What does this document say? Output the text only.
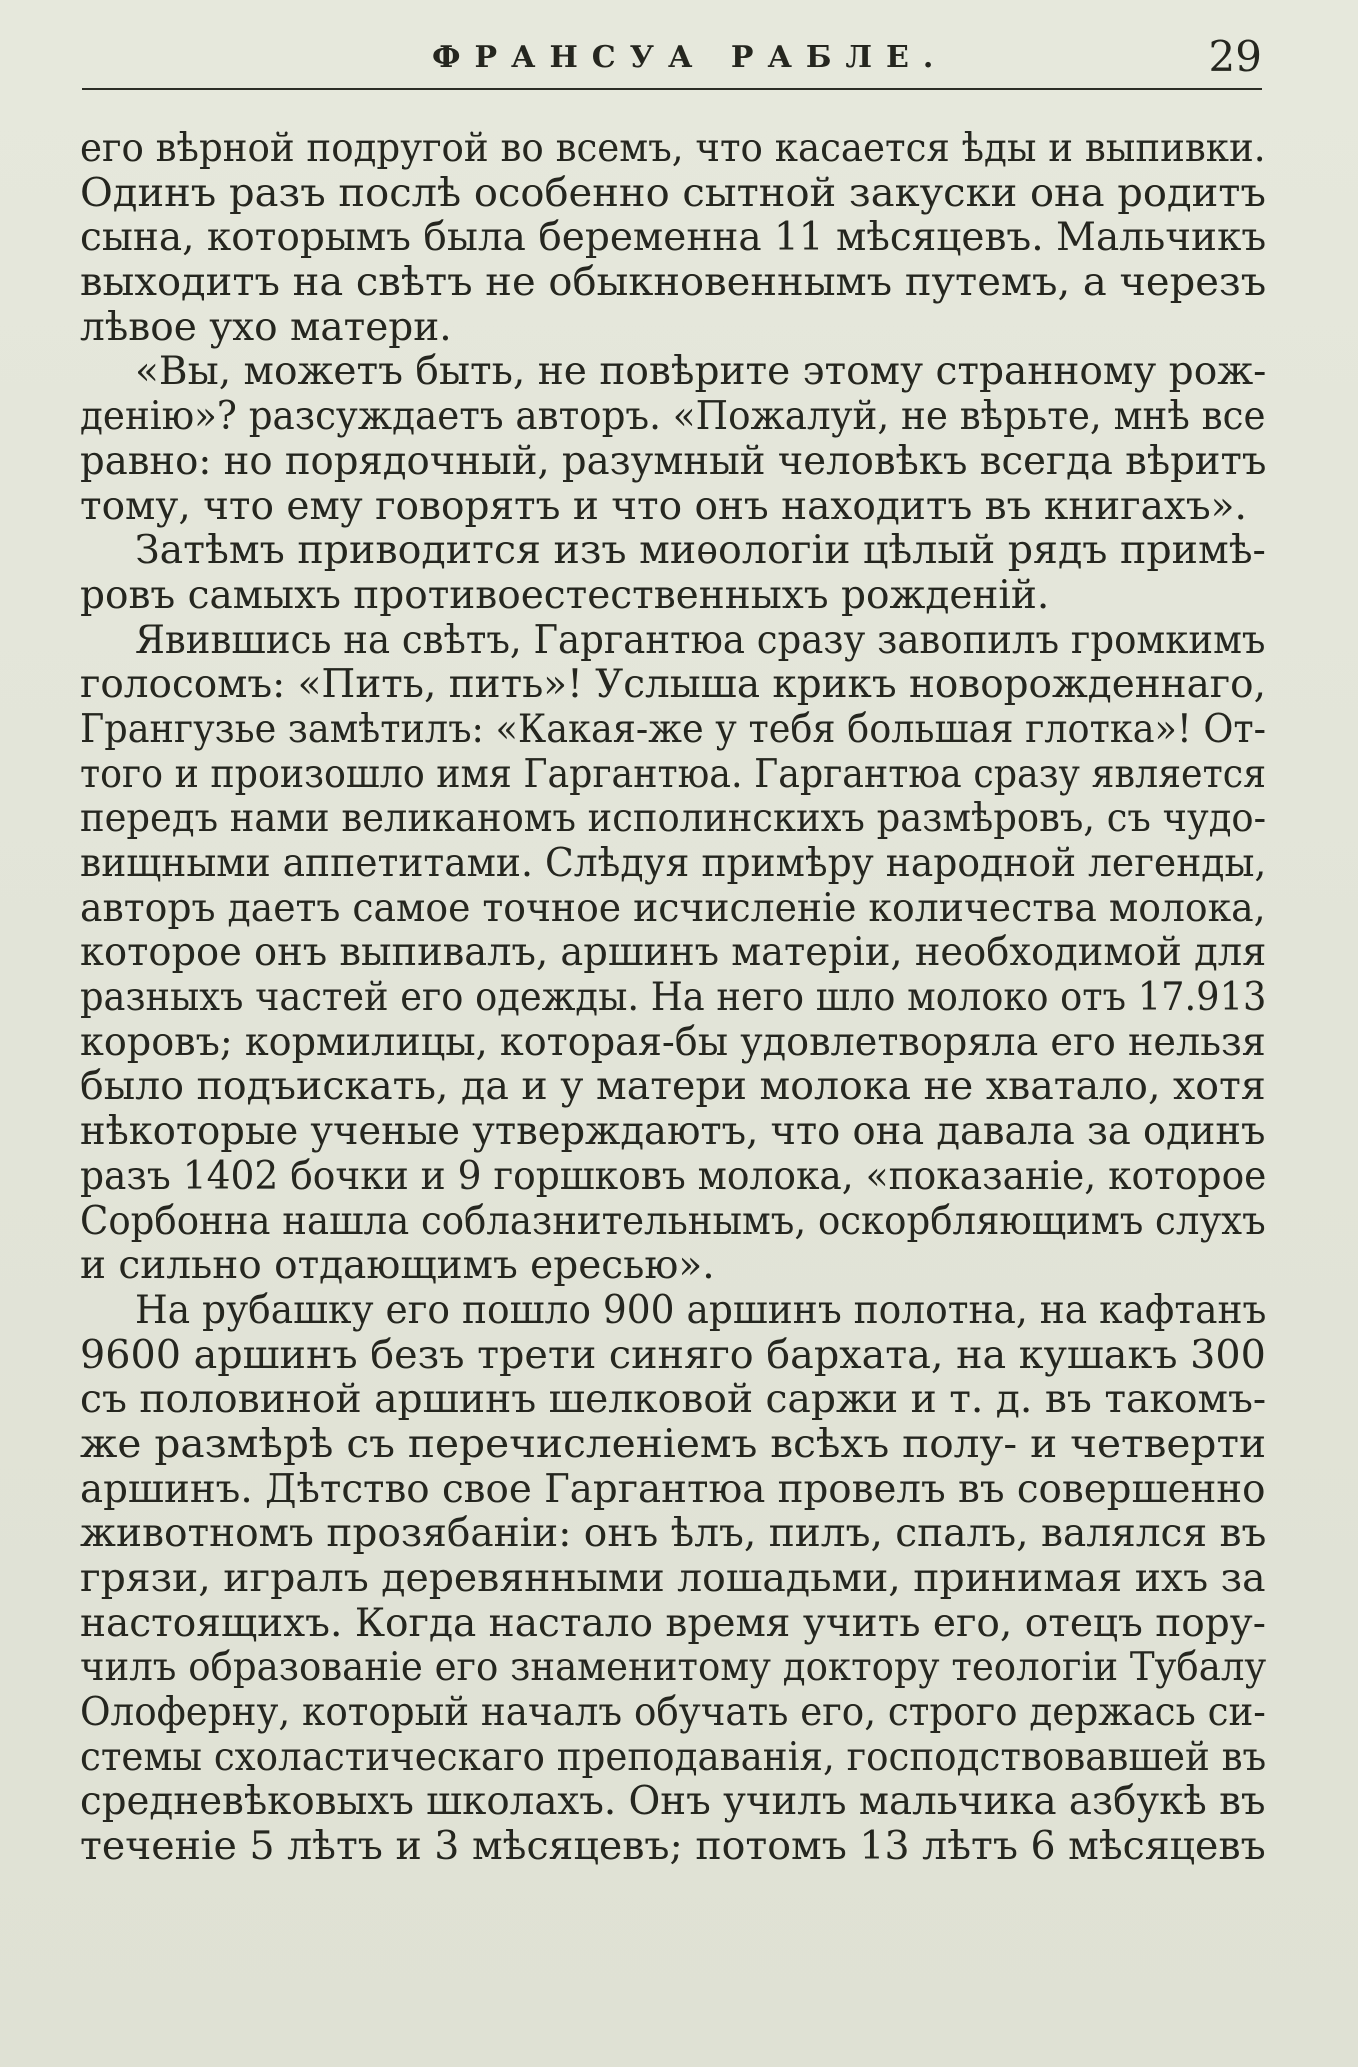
ФРАНСУА РАБЛЕ.	29
его вѣрной подругой во всемъ, что касается ѣды и выпивки.
Одинъ разъ послѣ особенно сытной закуски она родитъ
сына, которымъ была беременна 11 мѣсяцевъ. Мальчикъ
выходитъ на свѣтъ не обыкновеннымъ путемъ, а черезъ
лѣвое ухо матери.
«Вы, можетъ быть, не повѣрите этому странному рож-
денію»? разсуждаетъ авторъ. «Пожалуй, не вѣрьте, мнѣ все
равно: но порядочный, разумный человѣкъ всегда вѣритъ
тому, что ему говорятъ и что онъ находитъ въ книгахъ».
Затѣмъ приводится изъ миѳологіи цѣлый рядъ примѣ-
ровъ самыхъ противоестественныхъ рожденій.
Явившись на свѣтъ, Гаргантюа сразу завопилъ громкимъ
голосомъ: «Пить, пить»! Услыша крикъ новорожденнаго,
Грангузье замѣтилъ: «Какая-же у тебя большая глотка»! От-
того и произошло имя Гаргантюа. Гаргантюа сразу является
передъ нами великаномъ исполинскихъ размѣровъ, съ чудо-
вищными аппетитами. Слѣдуя примѣру народной легенды,
авторъ даетъ самое точное исчисленіе количества молока,
которое онъ выпивалъ, аршинъ матеріи, необходимой для
разныхъ частей его одежды. На него шло молоко отъ 17.913
коровъ; кормилицы, которая-бы удовлетворяла его нельзя
было подъискать, да и у матери молока не хватало, хотя
нѣкоторые ученые утверждаютъ, что она давала за одинъ
разъ 1402 бочки и 9 горшковъ молока, «показаніе, которое
Сорбонна нашла соблазнительнымъ, оскорбляющимъ слухъ
и сильно отдающимъ ересью».
На рубашку его пошло 900 аршинъ полотна, на кафтанъ
9600 аршинъ безъ трети синяго бархата, на кушакъ 300
съ половиной аршинъ шелковой саржи и т. д. въ такомъ-
же размѣрѣ съ перечисленіемъ всѣхъ полу- и четверти
аршинъ. Дѣтство свое Гаргантюа провелъ въ совершенно
животномъ прозябаніи: онъ ѣлъ, пилъ, спалъ, валялся въ
грязи, игралъ деревянными лошадьми, принимая ихъ за
настоящихъ. Когда настало время учить его, отецъ пору-
чилъ образованіе его знаменитому доктору теологіи Тубалу
Олоферну, который началъ обучать его, строго держась си-
стемы схоластическаго преподаванія, господствовавшей въ
средневѣковыхъ школахъ. Онъ училъ мальчика азбукѣ въ
теченіе 5 лѣтъ и 3 мѣсяцевъ; потомъ 13 лѣтъ 6 мѣсяцевъ
